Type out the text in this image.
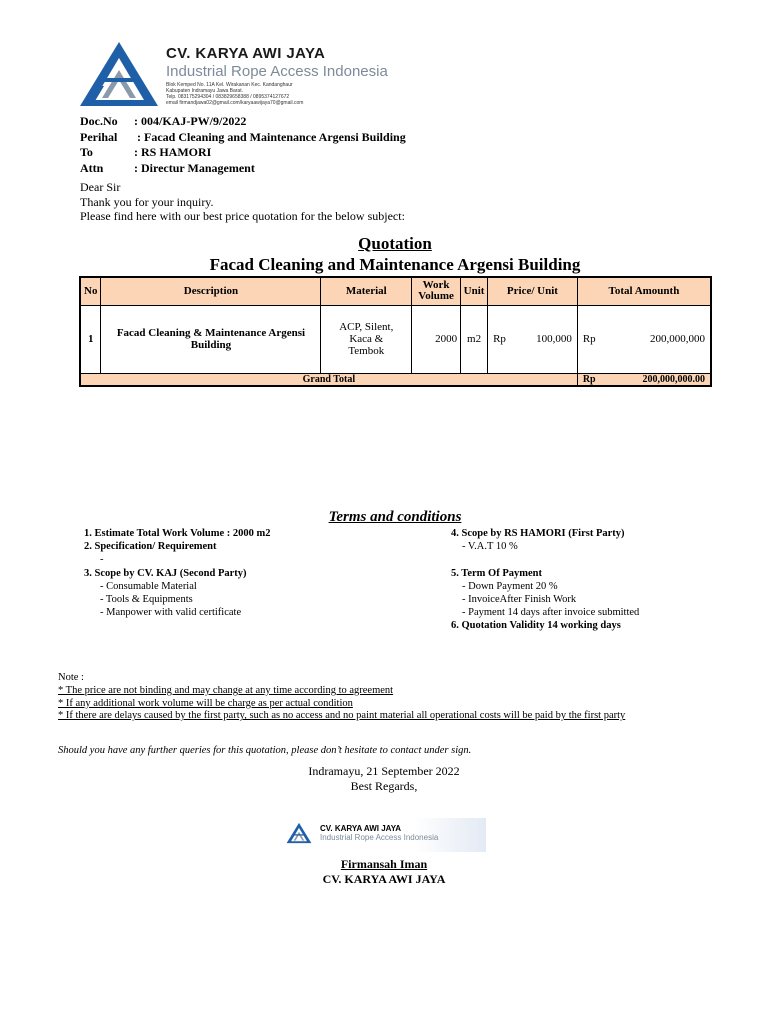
CV. KARYA AWI JAYA
Industrial Rope Access Indonesia
Blok Kemped No. 11A Kel. Wirakanan Kec. Kandanghaur
Kabupaten Indramayu Jawa Barat.
Telp. 083175294304 / 083829658388 / 0895374127672
email firmandjawa02@gmail.com/karyaawijaya70@gmail.com
Doc.No	: 004/KAJ-PW/9/2022
Perihal	: Facad Cleaning and Maintenance Argensi Building
To	: RS HAMORI
Attn	: Directur Management
Dear Sir
Thank you for your inquiry.
Please find here with our best price quotation for the below subject:
Quotation
Facad Cleaning and Maintenance Argensi Building
No	Description	Material	Work Volume	Unit	Price/ Unit	Total Amounth
1	Facad Cleaning & Maintenance Argensi Building	ACP, Silent, Kaca & Tembok	2000	m2	Rp 100,000	Rp 200,000,000

Grand Total						Rp 200,000,000.00
Terms and conditions
1. Estimate Total Work Volume : 2000 m2
2. Specification/ Requirement
-
3. Scope by CV. KAJ (Second Party)
- Consumable Material
- Tools & Equipments
- Manpower with valid certificate
4. Scope by RS HAMORI (First Party)
- V.A.T 10 %

5. Term Of Payment
- Down Payment 20 %
- InvoiceAfter Finish Work
- Payment 14 days after invoice submitted
6. Quotation Validity 14 working days
Note :
* The price are not binding and may change at any time according to agreement
* If any additional work volume will be charge as per actual condition
* If there are delays caused by the first party, such as no access and no paint material all operational costs will be paid by the first party
Should you have any further queries for this quotation, please don’t hesitate to contact under sign.
Indramayu, 21 September 2022
Best Regards,
CV. KARYA AWI JAYA
Industrial Rope Access Indonesia
Firmansah Iman
CV. KARYA AWI JAYA
